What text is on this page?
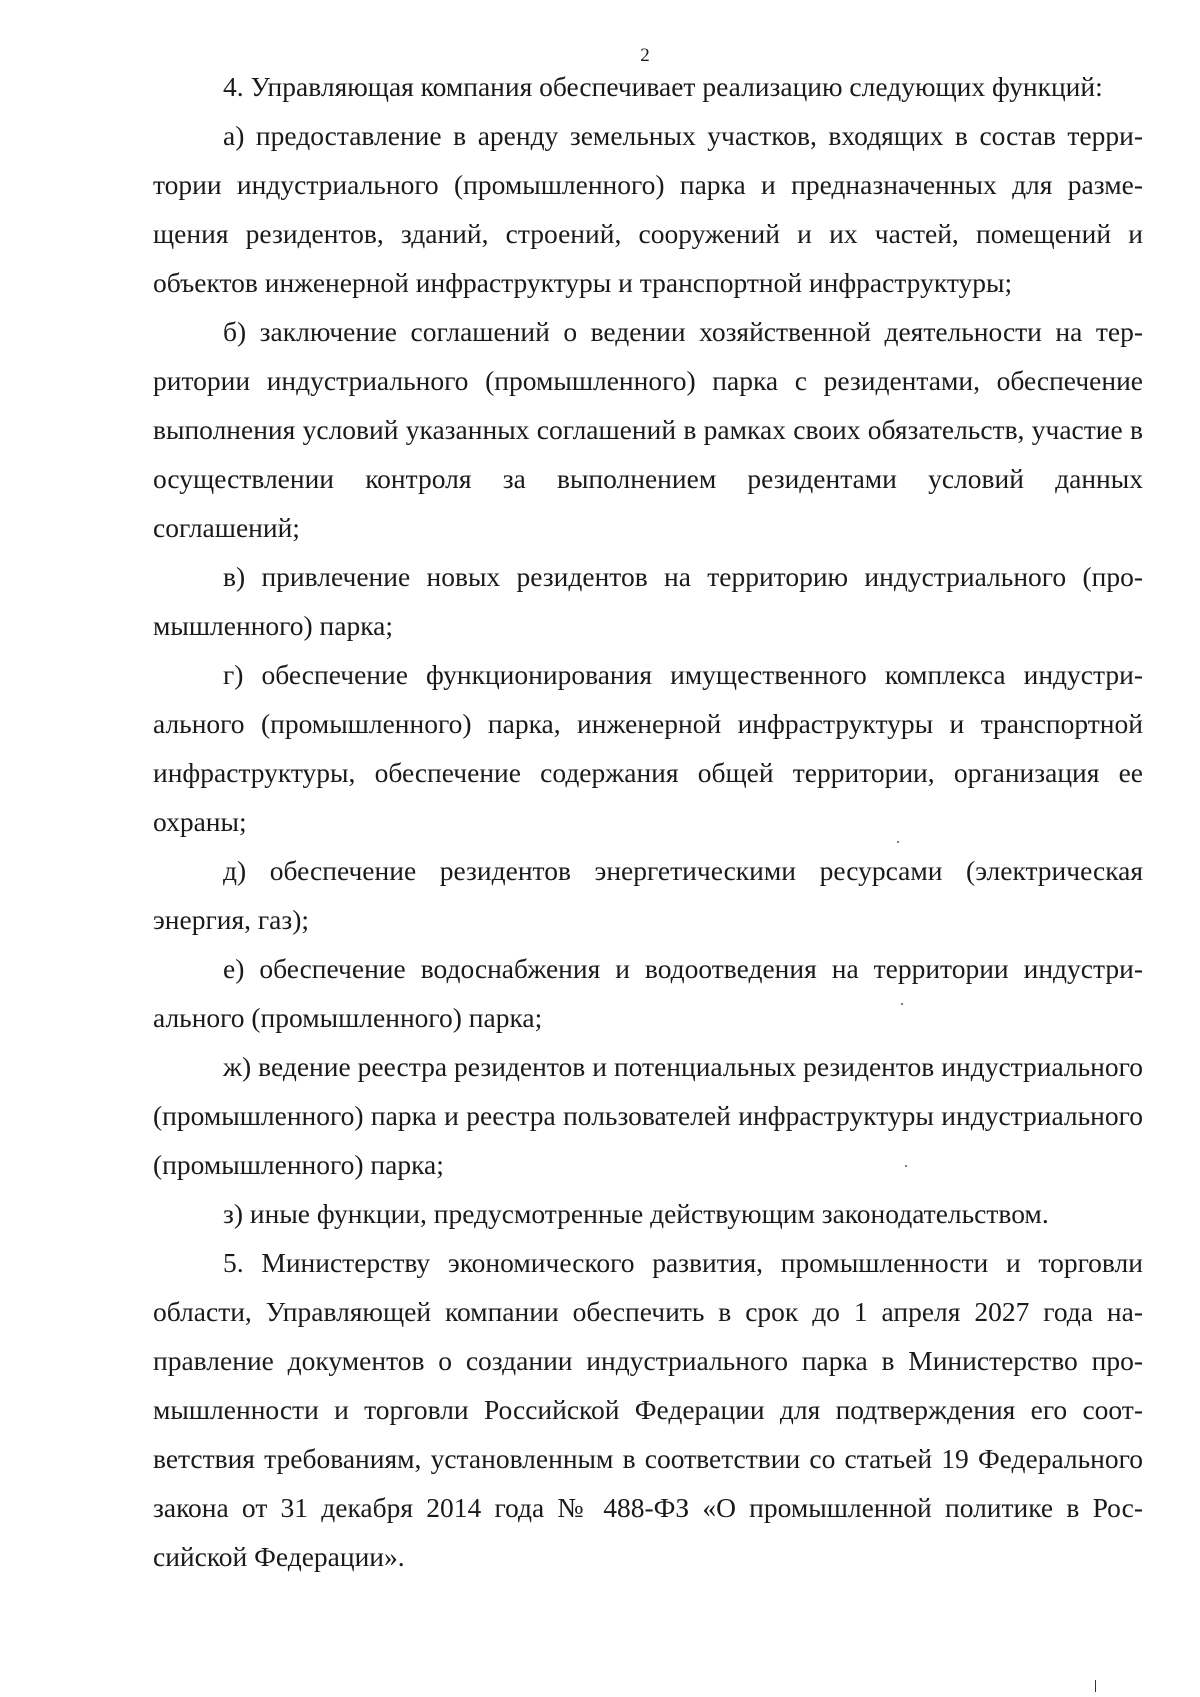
2

4. Управляющая компания обеспечивает реализацию следующих функций:

а) предоставление в аренду земельных участков, входящих в состав территории индустриального (промышленного) парка и предназначенных для размещения резидентов, зданий, строений, сооружений и их частей, помещений и объектов инженерной инфраструктуры и транспортной инфраструктуры;

б) заключение соглашений о ведении хозяйственной деятельности на территории индустриального (промышленного) парка с резидентами, обеспечение выполнения условий указанных соглашений в рамках своих обязательств, участие в осуществлении контроля за выполнением резидентами условий данных соглашений;

в) привлечение новых резидентов на территорию индустриального (промышленного) парка;

г) обеспечение функционирования имущественного комплекса индустриального (промышленного) парка, инженерной инфраструктуры и транспортной инфраструктуры, обеспечение содержания общей территории, организация ее охраны;

д) обеспечение резидентов энергетическими ресурсами (электрическая энергия, газ);

е) обеспечение водоснабжения и водоотведения на территории индустриального (промышленного) парка;

ж) ведение реестра резидентов и потенциальных резидентов индустриального (промышленного) парка и реестра пользователей инфраструктуры индустриального (промышленного) парка;

з) иные функции, предусмотренные действующим законодательством.

5. Министерству экономического развития, промышленности и торговли области, Управляющей компании обеспечить в срок до 1 апреля 2027 года направление документов о создании индустриального парка в Министерство промышленности и торговли Российской Федерации для подтверждения его соответствия требованиям, установленным в соответствии со статьей 19 Федерального закона от 31 декабря 2014 года № 488-ФЗ «О промышленной политике в Российской Федерации».
